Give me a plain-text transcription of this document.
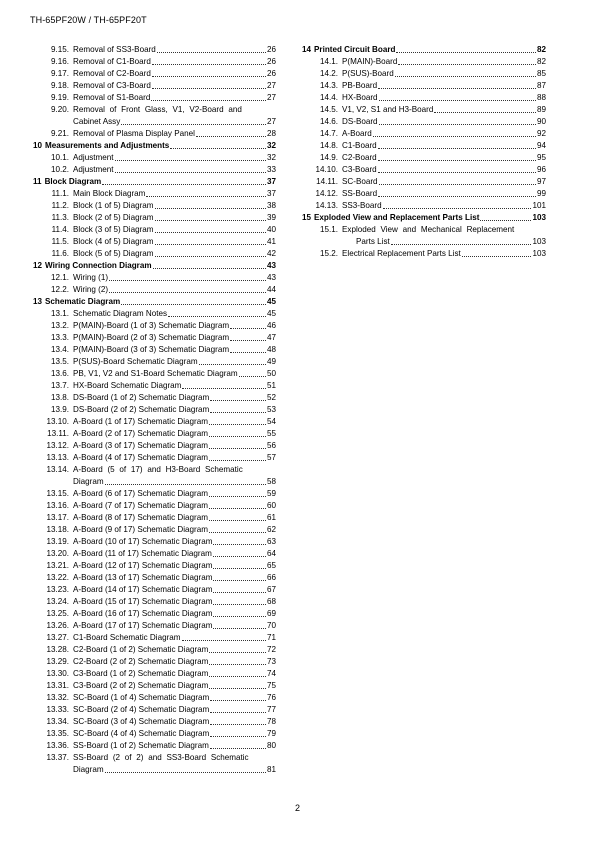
TH-65PF20W / TH-65PF20T
9.15. Removal of SS3-Board	26
9.16. Removal of C1-Board	26
9.17. Removal of C2-Board	26
9.18. Removal of C3-Board	27
9.19. Removal of S1-Board	27
9.20. Removal of Front Glass, V1, V2-Board and
Cabinet Assy	27
9.21. Removal of Plasma Display Panel	28
10 Measurements and Adjustments	32
10.1. Adjustment	32
10.2. Adjustment	33
11 Block Diagram	37
11.1. Main Block Diagram	37
11.2. Block (1 of 5) Diagram	38
11.3. Block (2 of 5) Diagram	39
11.4. Block (3 of 5) Diagram	40
11.5. Block (4 of 5) Diagram	41
11.6. Block (5 of 5) Diagram	42
12 Wiring Connection Diagram	43
12.1. Wiring (1)	43
12.2. Wiring (2)	44
13 Schematic Diagram	45
13.1. Schematic Diagram Notes	45
13.2. P(MAIN)-Board (1 of 3) Schematic Diagram	46
13.3. P(MAIN)-Board (2 of 3) Schematic Diagram	47
13.4. P(MAIN)-Board (3 of 3) Schematic Diagram	48
13.5. P(SUS)-Board Schematic Diagram	49
13.6. PB, V1, V2 and S1-Board Schematic Diagram	50
13.7. HX-Board Schematic Diagram	51
13.8. DS-Board (1 of 2) Schematic Diagram	52
13.9. DS-Board (2 of 2) Schematic Diagram	53
13.10. A-Board (1 of 17) Schematic Diagram	54
13.11. A-Board (2 of 17) Schematic Diagram	55
13.12. A-Board (3 of 17) Schematic Diagram	56
13.13. A-Board (4 of 17) Schematic Diagram	57
13.14. A-Board (5 of 17) and H3-Board Schematic
Diagram	58
13.15. A-Board (6 of 17) Schematic Diagram	59
13.16. A-Board (7 of 17) Schematic Diagram	60
13.17. A-Board (8 of 17) Schematic Diagram	61
13.18. A-Board (9 of 17) Schematic Diagram	62
13.19. A-Board (10 of 17) Schematic Diagram	63
13.20. A-Board (11 of 17) Schematic Diagram	64
13.21. A-Board (12 of 17) Schematic Diagram	65
13.22. A-Board (13 of 17) Schematic Diagram	66
13.23. A-Board (14 of 17) Schematic Diagram	67
13.24. A-Board (15 of 17) Schematic Diagram	68
13.25. A-Board (16 of 17) Schematic Diagram	69
13.26. A-Board (17 of 17) Schematic Diagram	70
13.27. C1-Board Schematic Diagram	71
13.28. C2-Board (1 of 2) Schematic Diagram	72
13.29. C2-Board (2 of 2) Schematic Diagram	73
13.30. C3-Board (1 of 2) Schematic Diagram	74
13.31. C3-Board (2 of 2) Schematic Diagram	75
13.32. SC-Board (1 of 4) Schematic Diagram	76
13.33. SC-Board (2 of 4) Schematic Diagram	77
13.34. SC-Board (3 of 4) Schematic Diagram	78
13.35. SC-Board (4 of 4) Schematic Diagram	79
13.36. SS-Board (1 of 2) Schematic Diagram	80
13.37. SS-Board (2 of 2) and SS3-Board Schematic
Diagram	81
14 Printed Circuit Board	82
14.1. P(MAIN)-Board	82
14.2. P(SUS)-Board	85
14.3. PB-Board	87
14.4. HX-Board	88
14.5. V1, V2, S1 and H3-Board	89
14.6. DS-Board	90
14.7. A-Board	92
14.8. C1-Board	94
14.9. C2-Board	95
14.10. C3-Board	96
14.11. SC-Board	97
14.12. SS-Board	99
14.13. SS3-Board	101
15 Exploded View and Replacement Parts List	103
15.1. Exploded View and Mechanical Replacement
Parts List	103
15.2. Electrical Replacement Parts List	103
2
